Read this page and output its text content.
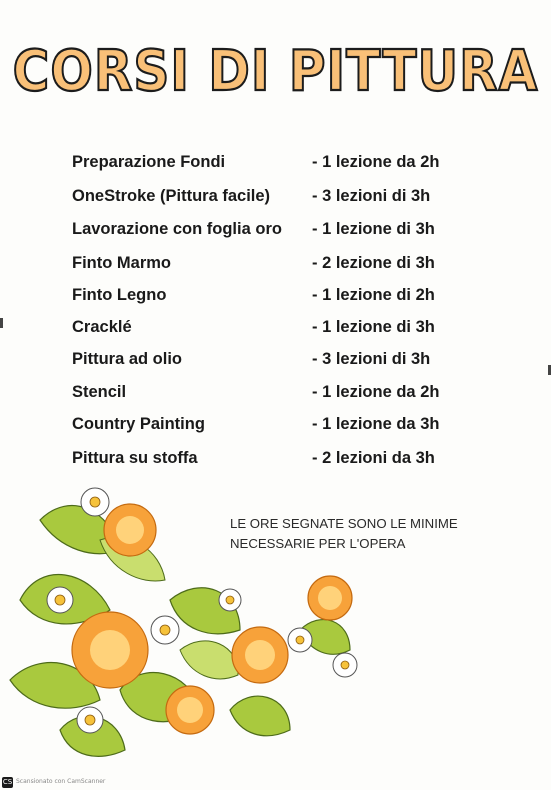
CORSI DI PITTURA
Preparazione Fondi	- 1 lezione da 2h
OneStroke (Pittura facile)	- 3 lezioni di 3h
Lavorazione con foglia oro - 1 lezione di 3h
Finto Marmo	- 2 lezione di 3h
Finto Legno	- 1 lezione di 2h
Cracklé	- 1 lezione di 3h
Pittura ad olio	- 3 lezioni di 3h
Stencil	- 1 lezione da 2h
Country Painting	- 1 lezione da 3h
Pittura su stoffa	- 2 lezioni da 3h
LE ORE SEGNATE SONO LE MINIME
NECESSARIE PER L'OPERA
CS Scansionato con CamScanner
